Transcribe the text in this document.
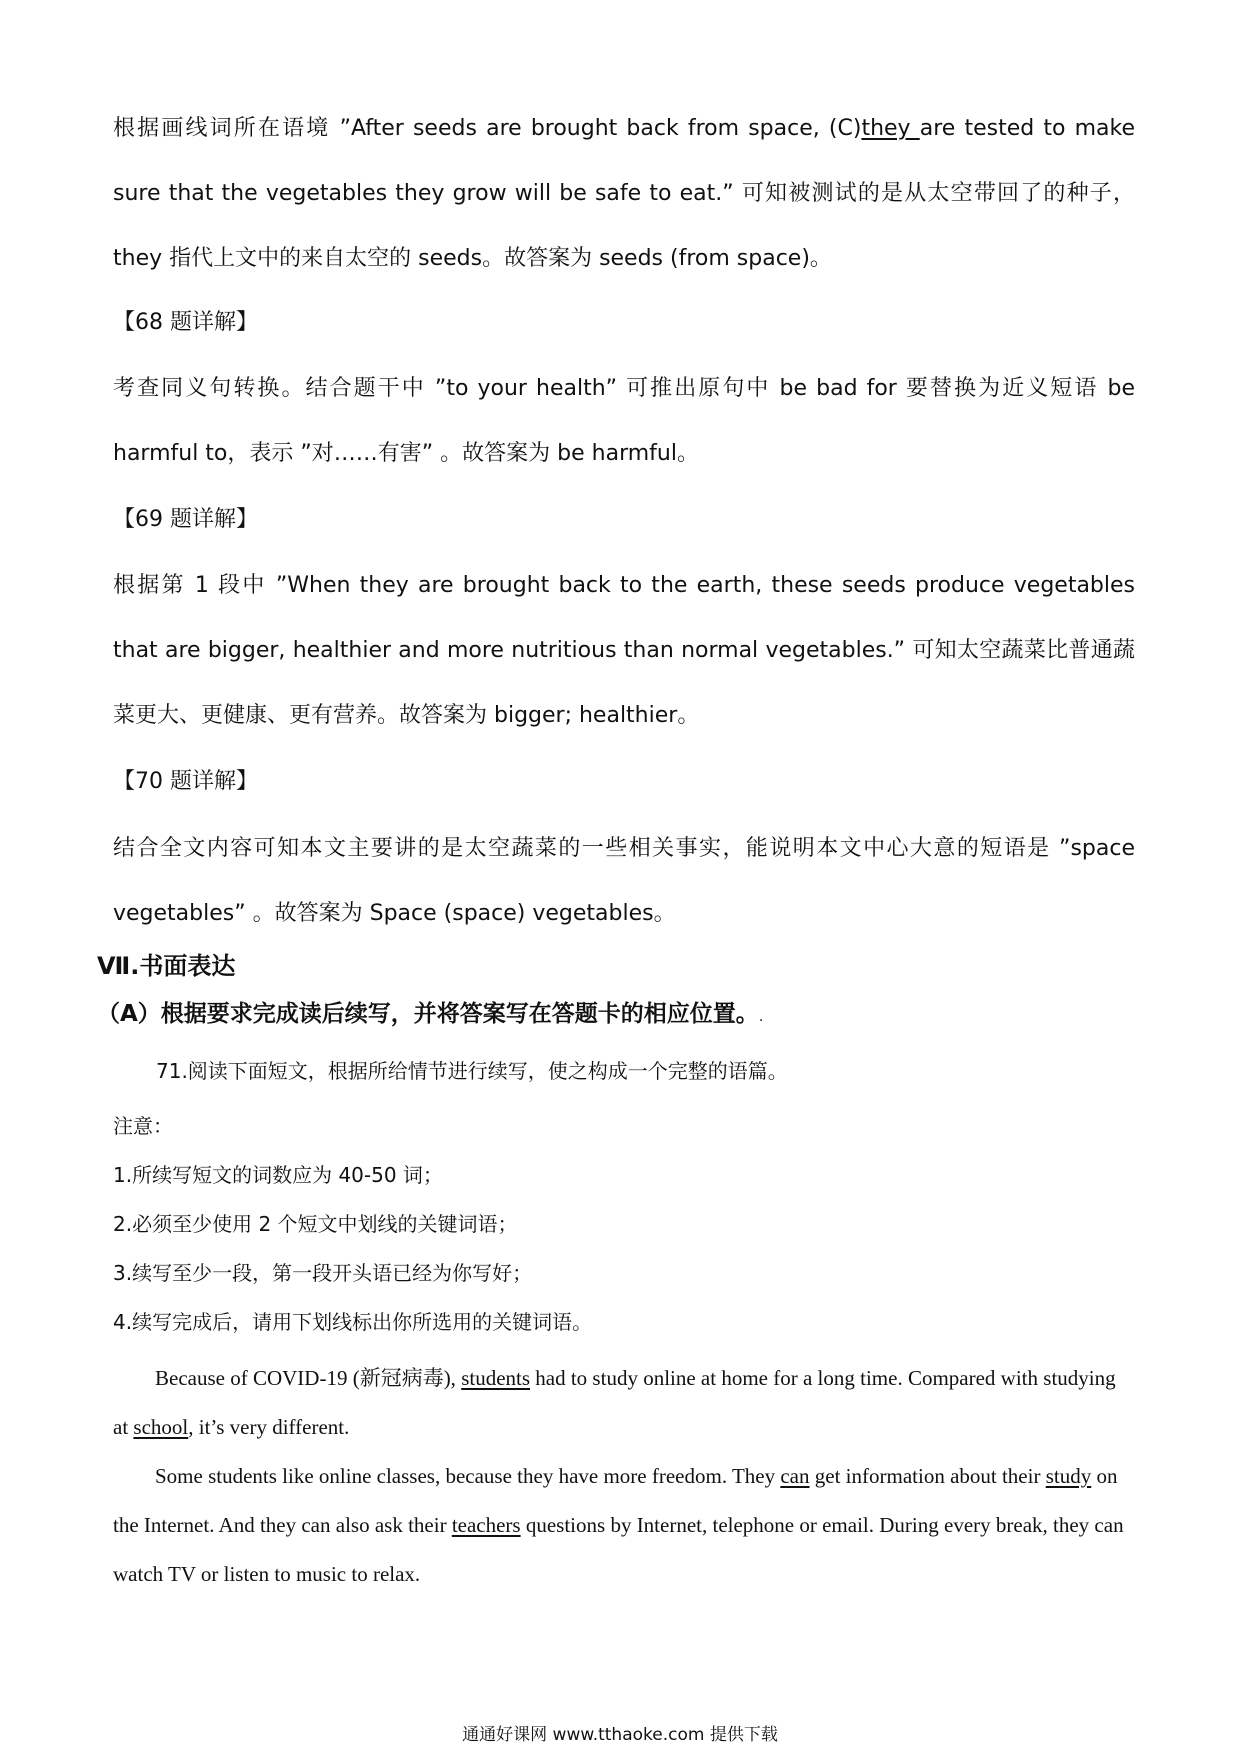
根据画线词所在语境 ”After seeds are brought back from space, (C)they are tested to make sure that the vegetables they grow will be safe to eat.” 可知被测试的是从太空带回了的种子，they 指代上文中的来自太空的 seeds。故答案为 seeds (from space)。

【68 题详解】

考查同义句转换。结合题干中 ”to your health” 可推出原句中 be bad for 要替换为近义短语 be harmful to，表示 ”对……有害” 。故答案为 be harmful。

【69 题详解】

根据第 1 段中 ”When they are brought back to the earth, these seeds produce vegetables that are bigger, healthier and more nutritious than normal vegetables.” 可知太空蔬菜比普通蔬菜更大、更健康、更有营养。故答案为 bigger; healthier。

【70 题详解】

结合全文内容可知本文主要讲的是太空蔬菜的一些相关事实，能说明本文中心大意的短语是 ”space vegetables” 。故答案为 Space (space) vegetables。

Ⅶ.书面表达

（A）根据要求完成读后续写，并将答案写在答题卡的相应位置。.

71.阅读下面短文，根据所给情节进行续写，使之构成一个完整的语篇。

注意：

1.所续写短文的词数应为 40-50 词；

2.必须至少使用 2 个短文中划线的关键词语；

3.续写至少一段，第一段开头语已经为你写好；

4.续写完成后，请用下划线标出你所选用的关键词语。

Because of COVID-19 (新冠病毒), students had to study online at home for a long time. Compared with studying at school, it’s very different.

Some students like online classes, because they have more freedom. They can get information about their study on the Internet. And they can also ask their teachers questions by Internet, telephone or email. During every break, they can watch TV or listen to music to relax.

通通好课网 www.tthaoke.com 提供下载
